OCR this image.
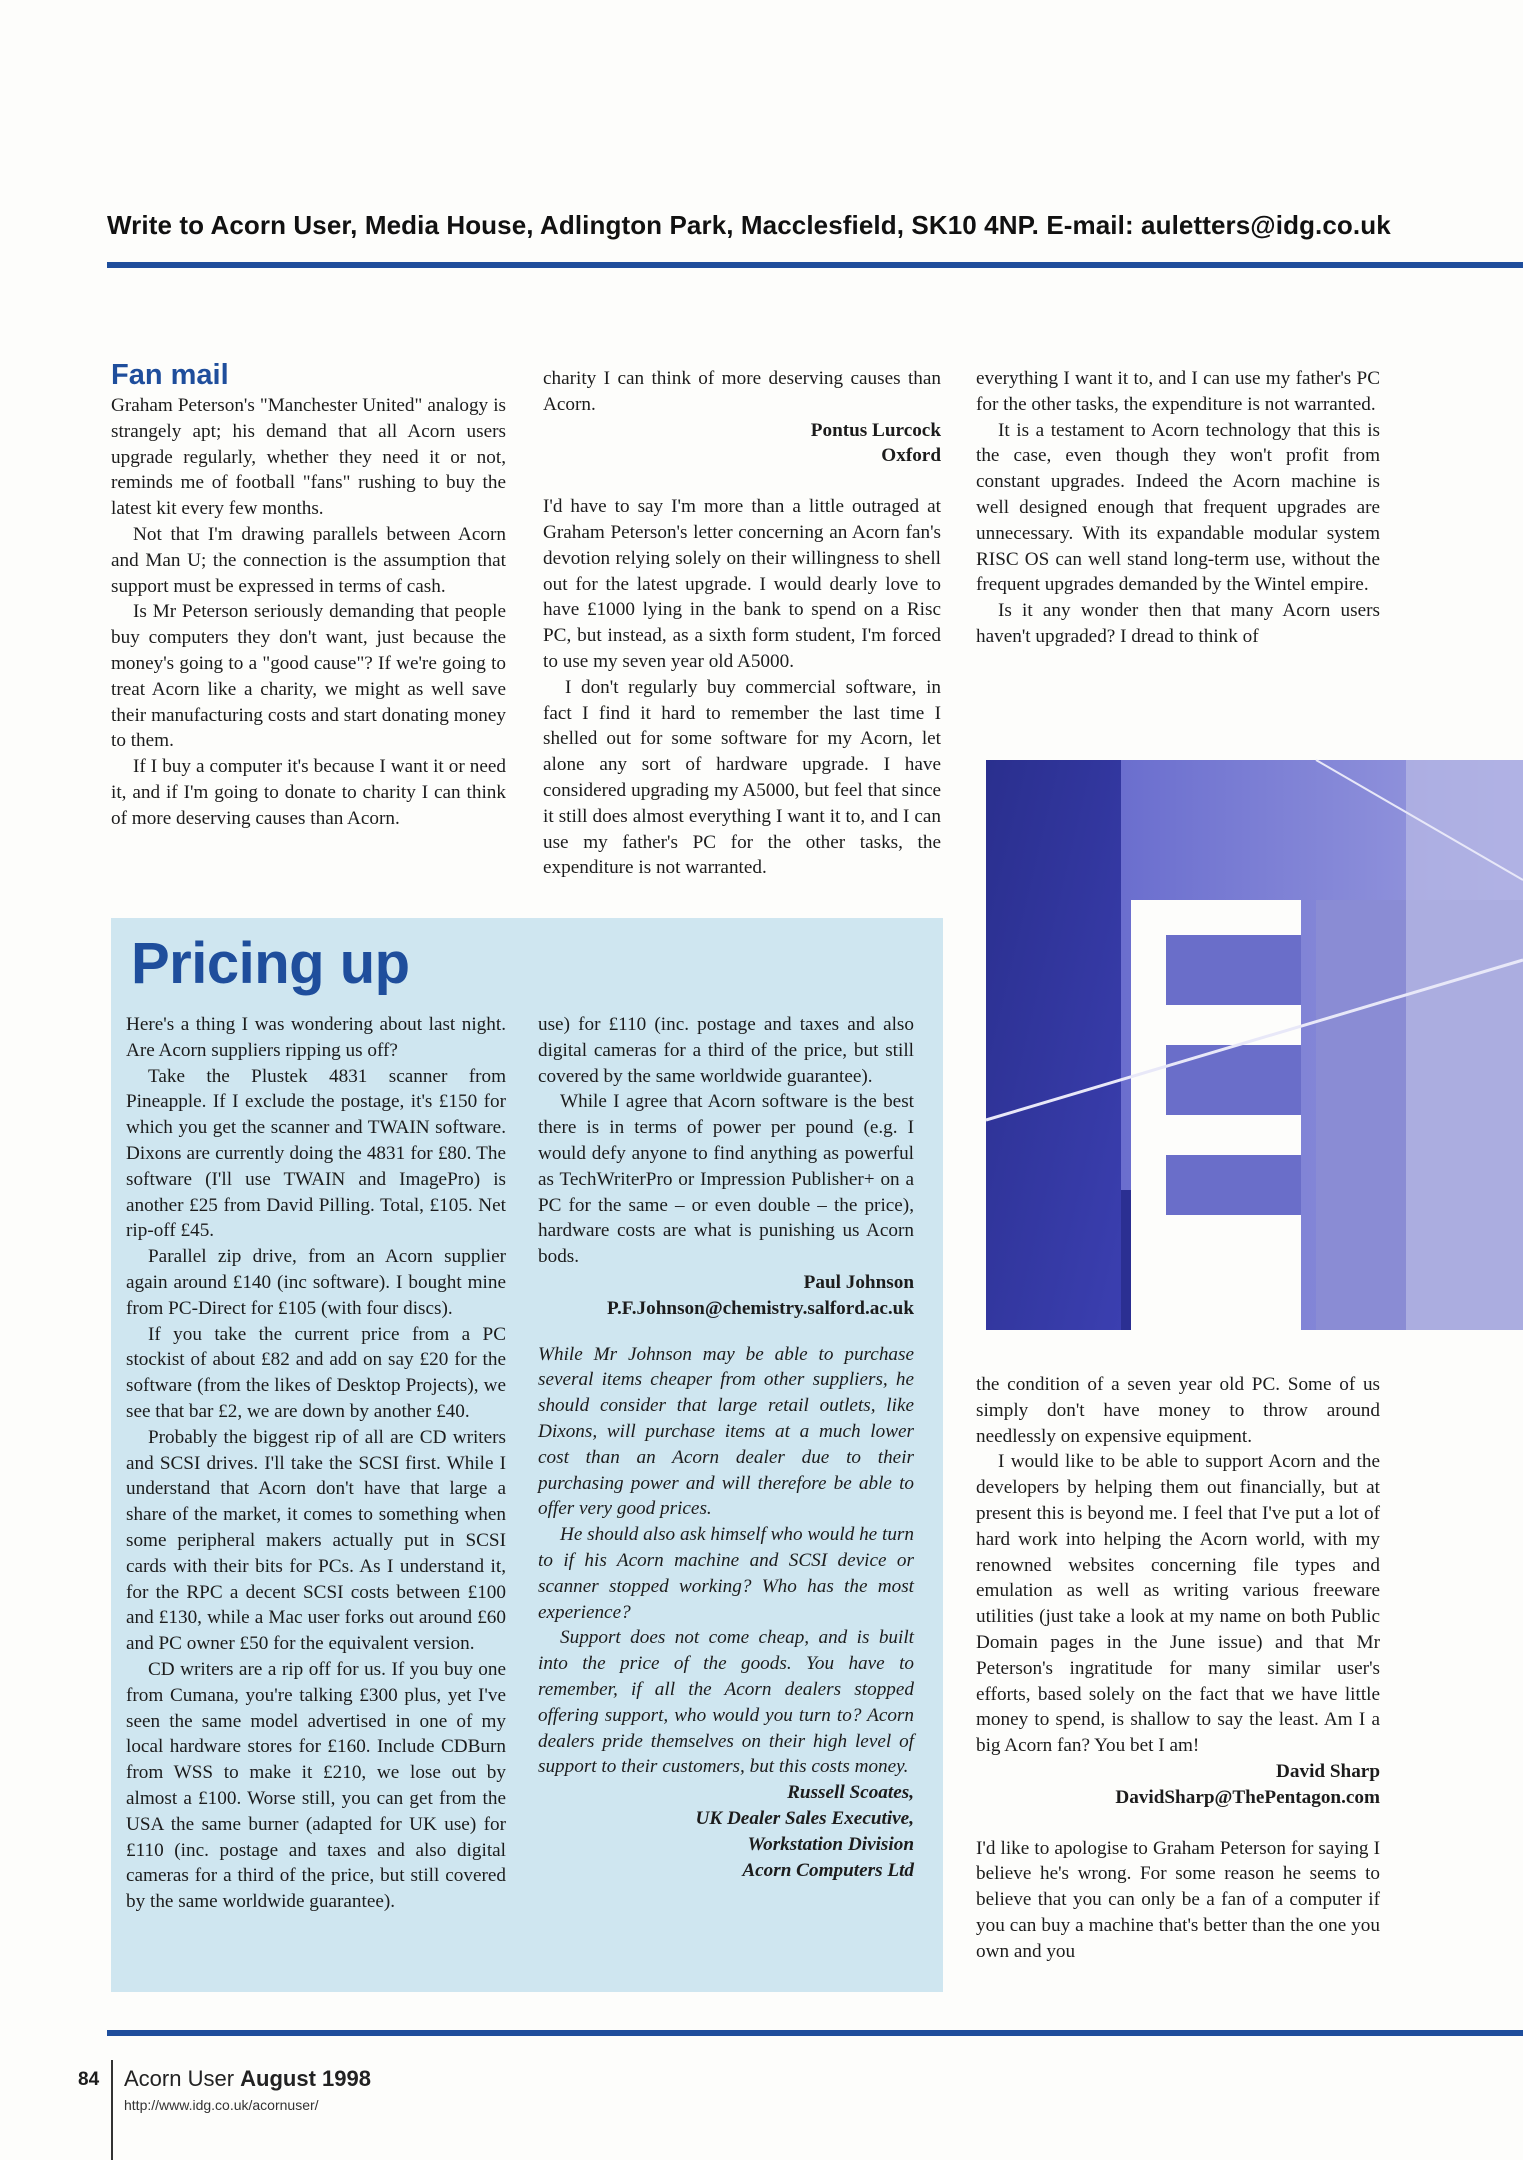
Write to Acorn User, Media House, Adlington Park, Macclesfield, SK10 4NP. E-mail: auletters@idg.co.uk
Fan mail

Graham Peterson's "Manchester United" analogy is strangely apt; his demand that all Acorn users upgrade regularly, whether they need it or not, reminds me of football "fans" rushing to buy the latest kit every few months.

Not that I'm drawing parallels between Acorn and Man U; the connection is the assumption that support must be expressed in terms of cash.

Is Mr Peterson seriously demanding that people buy computers they don't want, just because the money's going to a "good cause"? If we're going to treat Acorn like a charity, we might as well save their manufacturing costs and start donating money to them.

If I buy a computer it's because I want it or need it, and if I'm going to donate to charity I can think of more deserving causes than Acorn.

charity I can think of more deserving causes than Acorn.

Pontus Lurcock

Oxford

I'd have to say I'm more than a little outraged at Graham Peterson's letter concerning an Acorn fan's devotion relying solely on their willingness to shell out for the latest upgrade. I would dearly love to have £1000 lying in the bank to spend on a Risc PC, but instead, as a sixth form student, I'm forced to use my seven year old A5000.

I don't regularly buy commercial software, in fact I find it hard to remember the last time I shelled out for some software for my Acorn, let alone any sort of hardware upgrade. I have considered upgrading my A5000, but feel that since it still does almost everything I want it to, and I can use my father's PC for the other tasks, the expenditure is not warranted.

everything I want it to, and I can use my father's PC for the other tasks, the expenditure is not warranted.

It is a testament to Acorn technology that this is the case, even though they won't profit from constant upgrades. Indeed the Acorn machine is well designed enough that frequent upgrades are unnecessary. With its expandable modular system RISC OS can well stand long-term use, without the frequent upgrades demanded by the Wintel empire.

Is it any wonder then that many Acorn users haven't upgraded? I dread to think of

the condition of a seven year old PC. Some of us simply don't have money to throw around needlessly on expensive equipment.

I would like to be able to support Acorn and the developers by helping them out financially, but at present this is beyond me. I feel that I've put a lot of hard work into helping the Acorn world, with my renowned websites concerning file types and emulation as well as writing various freeware utilities (just take a look at my name on both Public Domain pages in the June issue) and that Mr Peterson's ingratitude for many similar user's efforts, based solely on the fact that we have little money to spend, is shallow to say the least. Am I a big Acorn fan? You bet I am!

David Sharp

DavidSharp@ThePentagon.com

I'd like to apologise to Graham Peterson for saying I believe he's wrong. For some reason he seems to believe that you can only be a fan of a computer if you can buy a machine that's better than the one you own and you

Pricing up

Here's a thing I was wondering about last night. Are Acorn suppliers ripping us off?

Take the Plustek 4831 scanner from Pineapple. If I exclude the postage, it's £150 for which you get the scanner and TWAIN software. Dixons are currently doing the 4831 for £80. The software (I'll use TWAIN and ImagePro) is another £25 from David Pilling. Total, £105. Net rip-off £45.

Parallel zip drive, from an Acorn supplier again around £140 (inc software). I bought mine from PC-Direct for £105 (with four discs).

If you take the current price from a PC stockist of about £82 and add on say £20 for the software (from the likes of Desktop Projects), we see that bar £2, we are down by another £40.

Probably the biggest rip of all are CD writers and SCSI drives. I'll take the SCSI first. While I understand that Acorn don't have that large a share of the market, it comes to something when some peripheral makers actually put in SCSI cards with their bits for PCs. As I understand it, for the RPC a decent SCSI costs between £100 and £130, while a Mac user forks out around £60 and PC owner £50 for the equivalent version.

CD writers are a rip off for us. If you buy one from Cumana, you're talking £300 plus, yet I've seen the same model advertised in one of my local hardware stores for £160. Include CDBurn from WSS to make it £210, we lose out by almost a £100. Worse still, you can get from the USA the same burner (adapted for UK use) for £110 (inc. postage and taxes and also digital cameras for a third of the price, but still covered by the same worldwide guarantee).

use) for £110 (inc. postage and taxes and also digital cameras for a third of the price, but still covered by the same worldwide guarantee).

While I agree that Acorn software is the best there is in terms of power per pound (e.g. I would defy anyone to find anything as powerful as TechWriterPro or Impression Publisher+ on a PC for the same – or even double – the price), hardware costs are what is punishing us Acorn bods.

Paul Johnson

P.F.Johnson@chemistry.salford.ac.uk

While Mr Johnson may be able to purchase several items cheaper from other suppliers, he should consider that large retail outlets, like Dixons, will purchase items at a much lower cost than an Acorn dealer due to their purchasing power and will therefore be able to offer very good prices.

He should also ask himself who would he turn to if his Acorn machine and SCSI device or scanner stopped working? Who has the most experience?

Support does not come cheap, and is built into the price of the goods. You have to remember, if all the Acorn dealers stopped offering support, who would you turn to? Acorn dealers pride themselves on their high level of support to their customers, but this costs money.

Russell Scoates,

UK Dealer Sales Executive,

Workstation Division

Acorn Computers Ltd

84 Acorn User August 1998
http://www.idg.co.uk/acornuser/
